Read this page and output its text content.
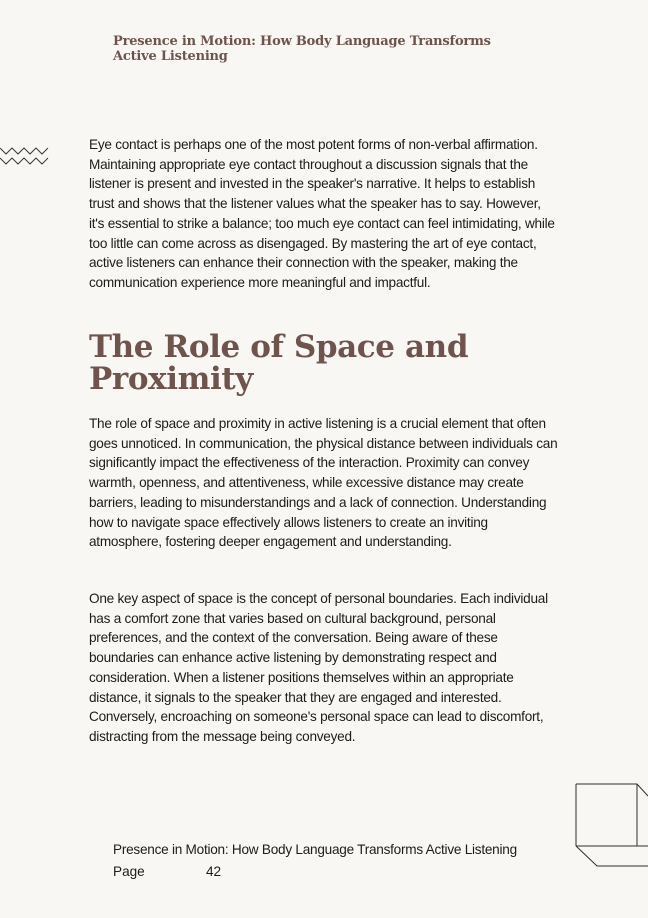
Presence in Motion: How Body Language Transforms Active Listening

Eye contact is perhaps one of the most potent forms of non-verbal affirmation. Maintaining appropriate eye contact throughout a discussion signals that the listener is present and invested in the speaker's narrative. It helps to establish trust and shows that the listener values what the speaker has to say. However, it's essential to strike a balance; too much eye contact can feel intimidating, while too little can come across as disengaged. By mastering the art of eye contact, active listeners can enhance their connection with the speaker, making the communication experience more meaningful and impactful.

The Role of Space and Proximity

The role of space and proximity in active listening is a crucial element that often goes unnoticed. In communication, the physical distance between individuals can significantly impact the effectiveness of the interaction. Proximity can convey warmth, openness, and attentiveness, while excessive distance may create barriers, leading to misunderstandings and a lack of connection. Understanding how to navigate space effectively allows listeners to create an inviting atmosphere, fostering deeper engagement and understanding.

One key aspect of space is the concept of personal boundaries. Each individual has a comfort zone that varies based on cultural background, personal preferences, and the context of the conversation. Being aware of these boundaries can enhance active listening by demonstrating respect and consideration. When a listener positions themselves within an appropriate distance, it signals to the speaker that they are engaged and interested. Conversely, encroaching on someone's personal space can lead to discomfort, distracting from the message being conveyed.

Presence in Motion: How Body Language Transforms Active Listening
Page	42
